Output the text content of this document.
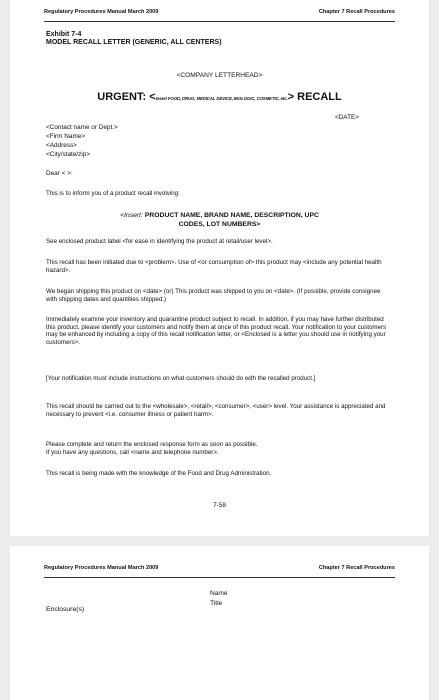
Regulatory Procedures Manual March 2009	Chapter 7 Recall Procedures
Exhibit 7-4
MODEL RECALL LETTER (GENERIC, ALL CENTERS)
<COMPANY LETTERHEAD>
URGENT: <Insert FOOD, DRUG, MEDICAL DEVICE, BIOLOGIC, COSMETIC, etc.> RECALL
<DATE>
<Contact name or Dept.>
<Firm Name>
<Address>
<City/state/zip>
Dear < >:
This is to inform you of a product recall involving:
<Insert: PRODUCT NAME, BRAND NAME, DESCRIPTION, UPC
CODES, LOT NUMBERS>
See enclosed product label <for ease in identifying the product at retail/user level>.
This recall has been initiated due to <problem>. Use of <or consumption of> this product may <include any potential health hazard>.
We began shipping this product on <date> (or) This product was shipped to you on <date>. (If possible, provide consignee with shipping dates and quantities shipped.)
Immediately examine your inventory and quarantine product subject to recall. In addition, if you may have further distributed this product, please identify your customers and notify them at once of this product recall. Your notification to your customers may be enhanced by including a copy of this recall notification letter, or <Enclosed is a letter you should use in notifying your customers>.
[Your notification must include instructions on what customers should do with the recalled product.]
This recall should be carried out to the <wholesale>, <retail>, <consumer>, <user> level. Your assistance is appreciated and necessary to prevent <i.e. consumer illness or patient harm>.
Please complete and return the enclosed response form as soon as possible.
If you have any questions, call <name and telephone number>.
This recall is being made with the knowledge of the Food and Drug Administration.
7-58
Regulatory Procedures Manual March 2009	Chapter 7 Recall Procedures
Name
Title
Enclosure(s)
